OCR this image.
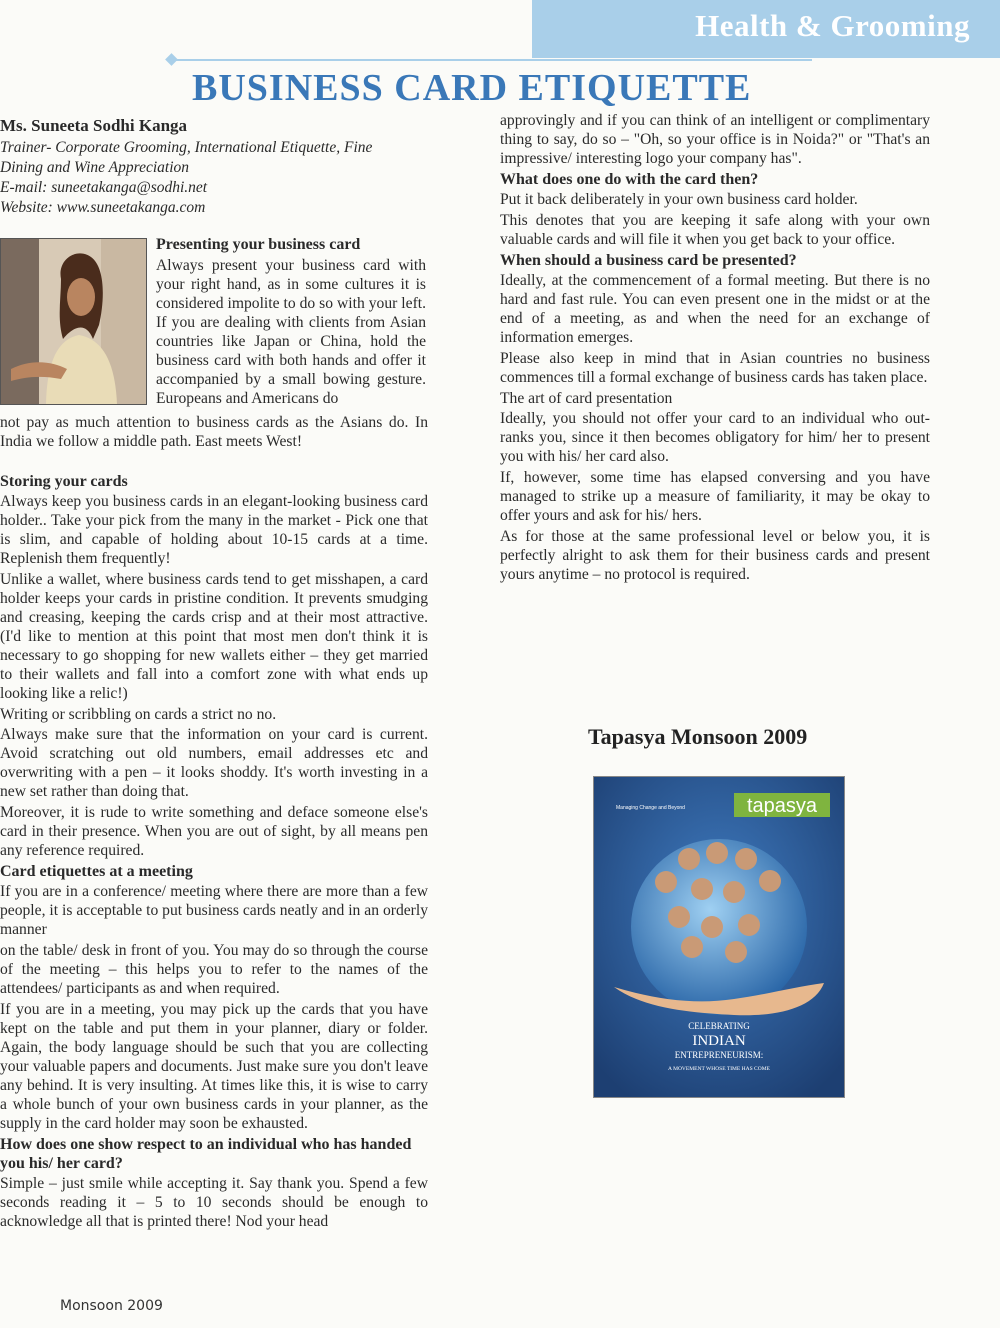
Health & Grooming
BUSINESS CARD ETIQUETTE
Ms. Suneeta Sodhi Kanga
Trainer- Corporate Grooming, International Etiquette, Fine
Dining and Wine Appreciation
E-mail: suneetakanga@sodhi.net
Website: www.suneetakanga.com
Presenting your business card

Always present your business card with your right hand, as in some cultures it is considered impolite to do so with your left. If you are dealing with clients from Asian countries like Japan or China, hold the business card with both hands and offer it accompanied by a small bowing gesture. Europeans and Americans do

not pay as much attention to business cards as the Asians do. In India we follow a middle path. East meets West!

Storing your cards

Always keep you business cards in an elegant-looking business card holder.. Take your pick from the many in the market - Pick one that is slim, and capable of holding about 10-15 cards at a time. Replenish them frequently!

Unlike a wallet, where business cards tend to get misshapen, a card holder keeps your cards in pristine condition. It prevents smudging and creasing, keeping the cards crisp and at their most attractive. (I'd like to mention at this point that most men don't think it is necessary to go shopping for new wallets either – they get married to their wallets and fall into a comfort zone with what ends up looking like a relic!)

Writing or scribbling on cards a strict no no.

Always make sure that the information on your card is current. Avoid scratching out old numbers, email addresses etc and overwriting with a pen – it looks shoddy. It's worth investing in a new set rather than doing that.

Moreover, it is rude to write something and deface someone else's card in their presence. When you are out of sight, by all means pen any reference required.

Card etiquettes at a meeting

If you are in a conference/ meeting where there are more than a few people, it is acceptable to put business cards neatly and in an orderly manner

on the table/ desk in front of you. You may do so through the course of the meeting – this helps you to refer to the names of the attendees/ participants as and when required.

If you are in a meeting, you may pick up the cards that you have kept on the table and put them in your planner, diary or folder. Again, the body language should be such that you are collecting your valuable papers and documents. Just make sure you don't leave any behind. It is very insulting. At times like this, it is wise to carry a whole bunch of your own business cards in your planner, as the supply in the card holder may soon be exhausted.

How does one show respect to an individual who has handed you his/ her card?

Simple – just smile while accepting it. Say thank you. Spend a few seconds reading it – 5 to 10 seconds should be enough to acknowledge all that is printed there! Nod your head

approvingly and if you can think of an intelligent or complimentary thing to say, do so – "Oh, so your office is in Noida?" or "That's an impressive/ interesting logo your company has".

What does one do with the card then?

Put it back deliberately in your own business card holder.

This denotes that you are keeping it safe along with your own valuable cards and will file it when you get back to your office.

When should a business card be presented?

Ideally, at the commencement of a formal meeting. But there is no hard and fast rule. You can even present one in the midst or at the end of a meeting, as and when the need for an exchange of information emerges.

Please also keep in mind that in Asian countries no business commences till a formal exchange of business cards has taken place.

The art of card presentation

Ideally, you should not offer your card to an individual who out-ranks you, since it then becomes obligatory for him/ her to present you with his/ her card also.

If, however, some time has elapsed conversing and you have managed to strike up a measure of familiarity, it may be okay to offer yours and ask for his/ hers.

As for those at the same professional level or below you, it is perfectly alright to ask them for their business cards and present yours anytime – no protocol is required.

Tapasya Monsoon 2009
tapasya
Managing Change and Beyond
CELEBRATING
INDIAN
ENTREPRENEURISM:
A MOVEMENT WHOSE TIME HAS COME
Monsoon 2009
